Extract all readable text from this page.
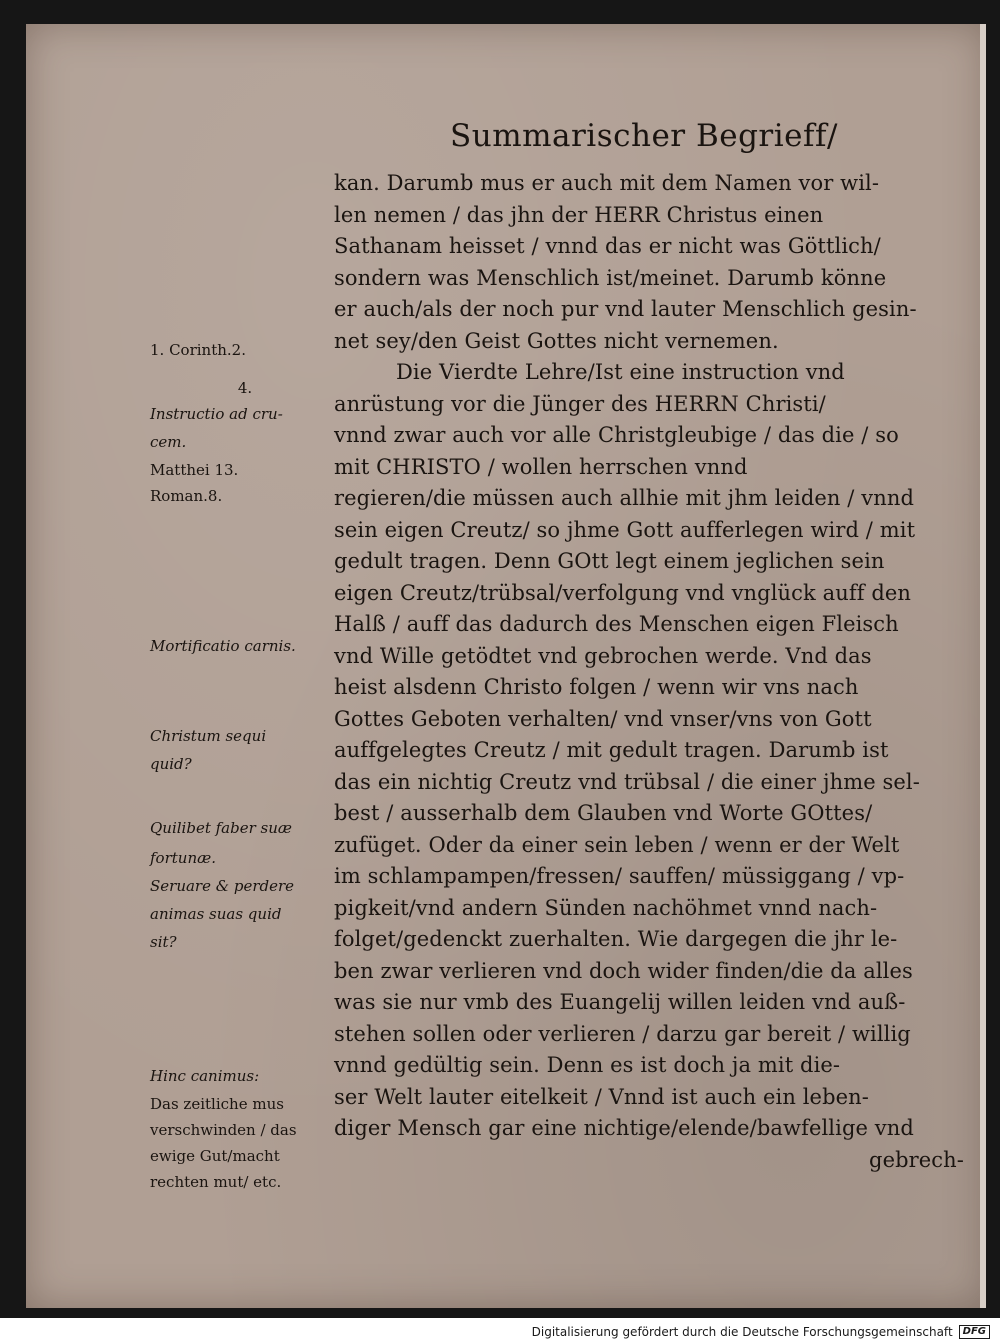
Summarischer Begrieff/
kan. Darumb mus er auch mit dem Namen vor wil-
len nemen / das jhn der HERR Christus einen
Sathanam heisset / vnnd das er nicht was Göttlich/
sondern was Menschlich ist/meinet. Darumb könne
er auch/als der noch pur vnd lauter Menschlich gesin-
net sey/den Geist Gottes nicht vernemen.
Die Vierdte Lehre/Ist eine instruction vnd
anrüstung vor die Jünger des HERRN Christi/
vnnd zwar auch vor alle Christgleubige / das die / so
mit CHRISTO / wollen herrschen vnnd
regieren/die müssen auch allhie mit jhm leiden / vnnd
sein eigen Creutz/ so jhme Gott aufferlegen wird / mit
gedult tragen. Denn GOtt legt einem jeglichen sein
eigen Creutz/trübsal/verfolgung vnd vnglück auff den
Halß / auff das dadurch des Menschen eigen Fleisch
vnd Wille getödtet vnd gebrochen werde. Vnd das
heist alsdenn Christo folgen / wenn wir vns nach
Gottes Geboten verhalten/ vnd vnser/vns von Gott
auffgelegtes Creutz / mit gedult tragen. Darumb ist
das ein nichtig Creutz vnd trübsal / die einer jhme sel-
best / ausserhalb dem Glauben vnd Worte GOttes/
zufüget. Oder da einer sein leben / wenn er der Welt
im schlampampen/fressen/ sauffen/ müssiggang / vp-
pigkeit/vnd andern Sünden nachöhmet vnnd nach-
folget/gedenckt zuerhalten. Wie dargegen die jhr le-
ben zwar verlieren vnd doch wider finden/die da alles
was sie nur vmb des Euangelij willen leiden vnd auß-
stehen sollen oder verlieren / darzu gar bereit / willig
vnnd gedültig sein. Denn es ist doch ja mit die-
ser Welt lauter eitelkeit / Vnnd ist auch ein leben-
diger Mensch gar eine nichtige/elende/bawfellige vnd
gebrech-
1. Corinth.2.
4.
Instructio ad cru-
cem.
Matthei 13.
Roman.8.
Mortificatio carnis.
Christum sequi
quid?
Quilibet faber suæ
fortunæ.
Seruare & perdere
animas suas quid
sit?
Hinc canimus:
Das zeitliche mus
verschwinden / das
ewige Gut/macht
rechten mut/ etc.
Digitalisierung gefördert durch die Deutsche Forschungsgemeinschaft	DFG
